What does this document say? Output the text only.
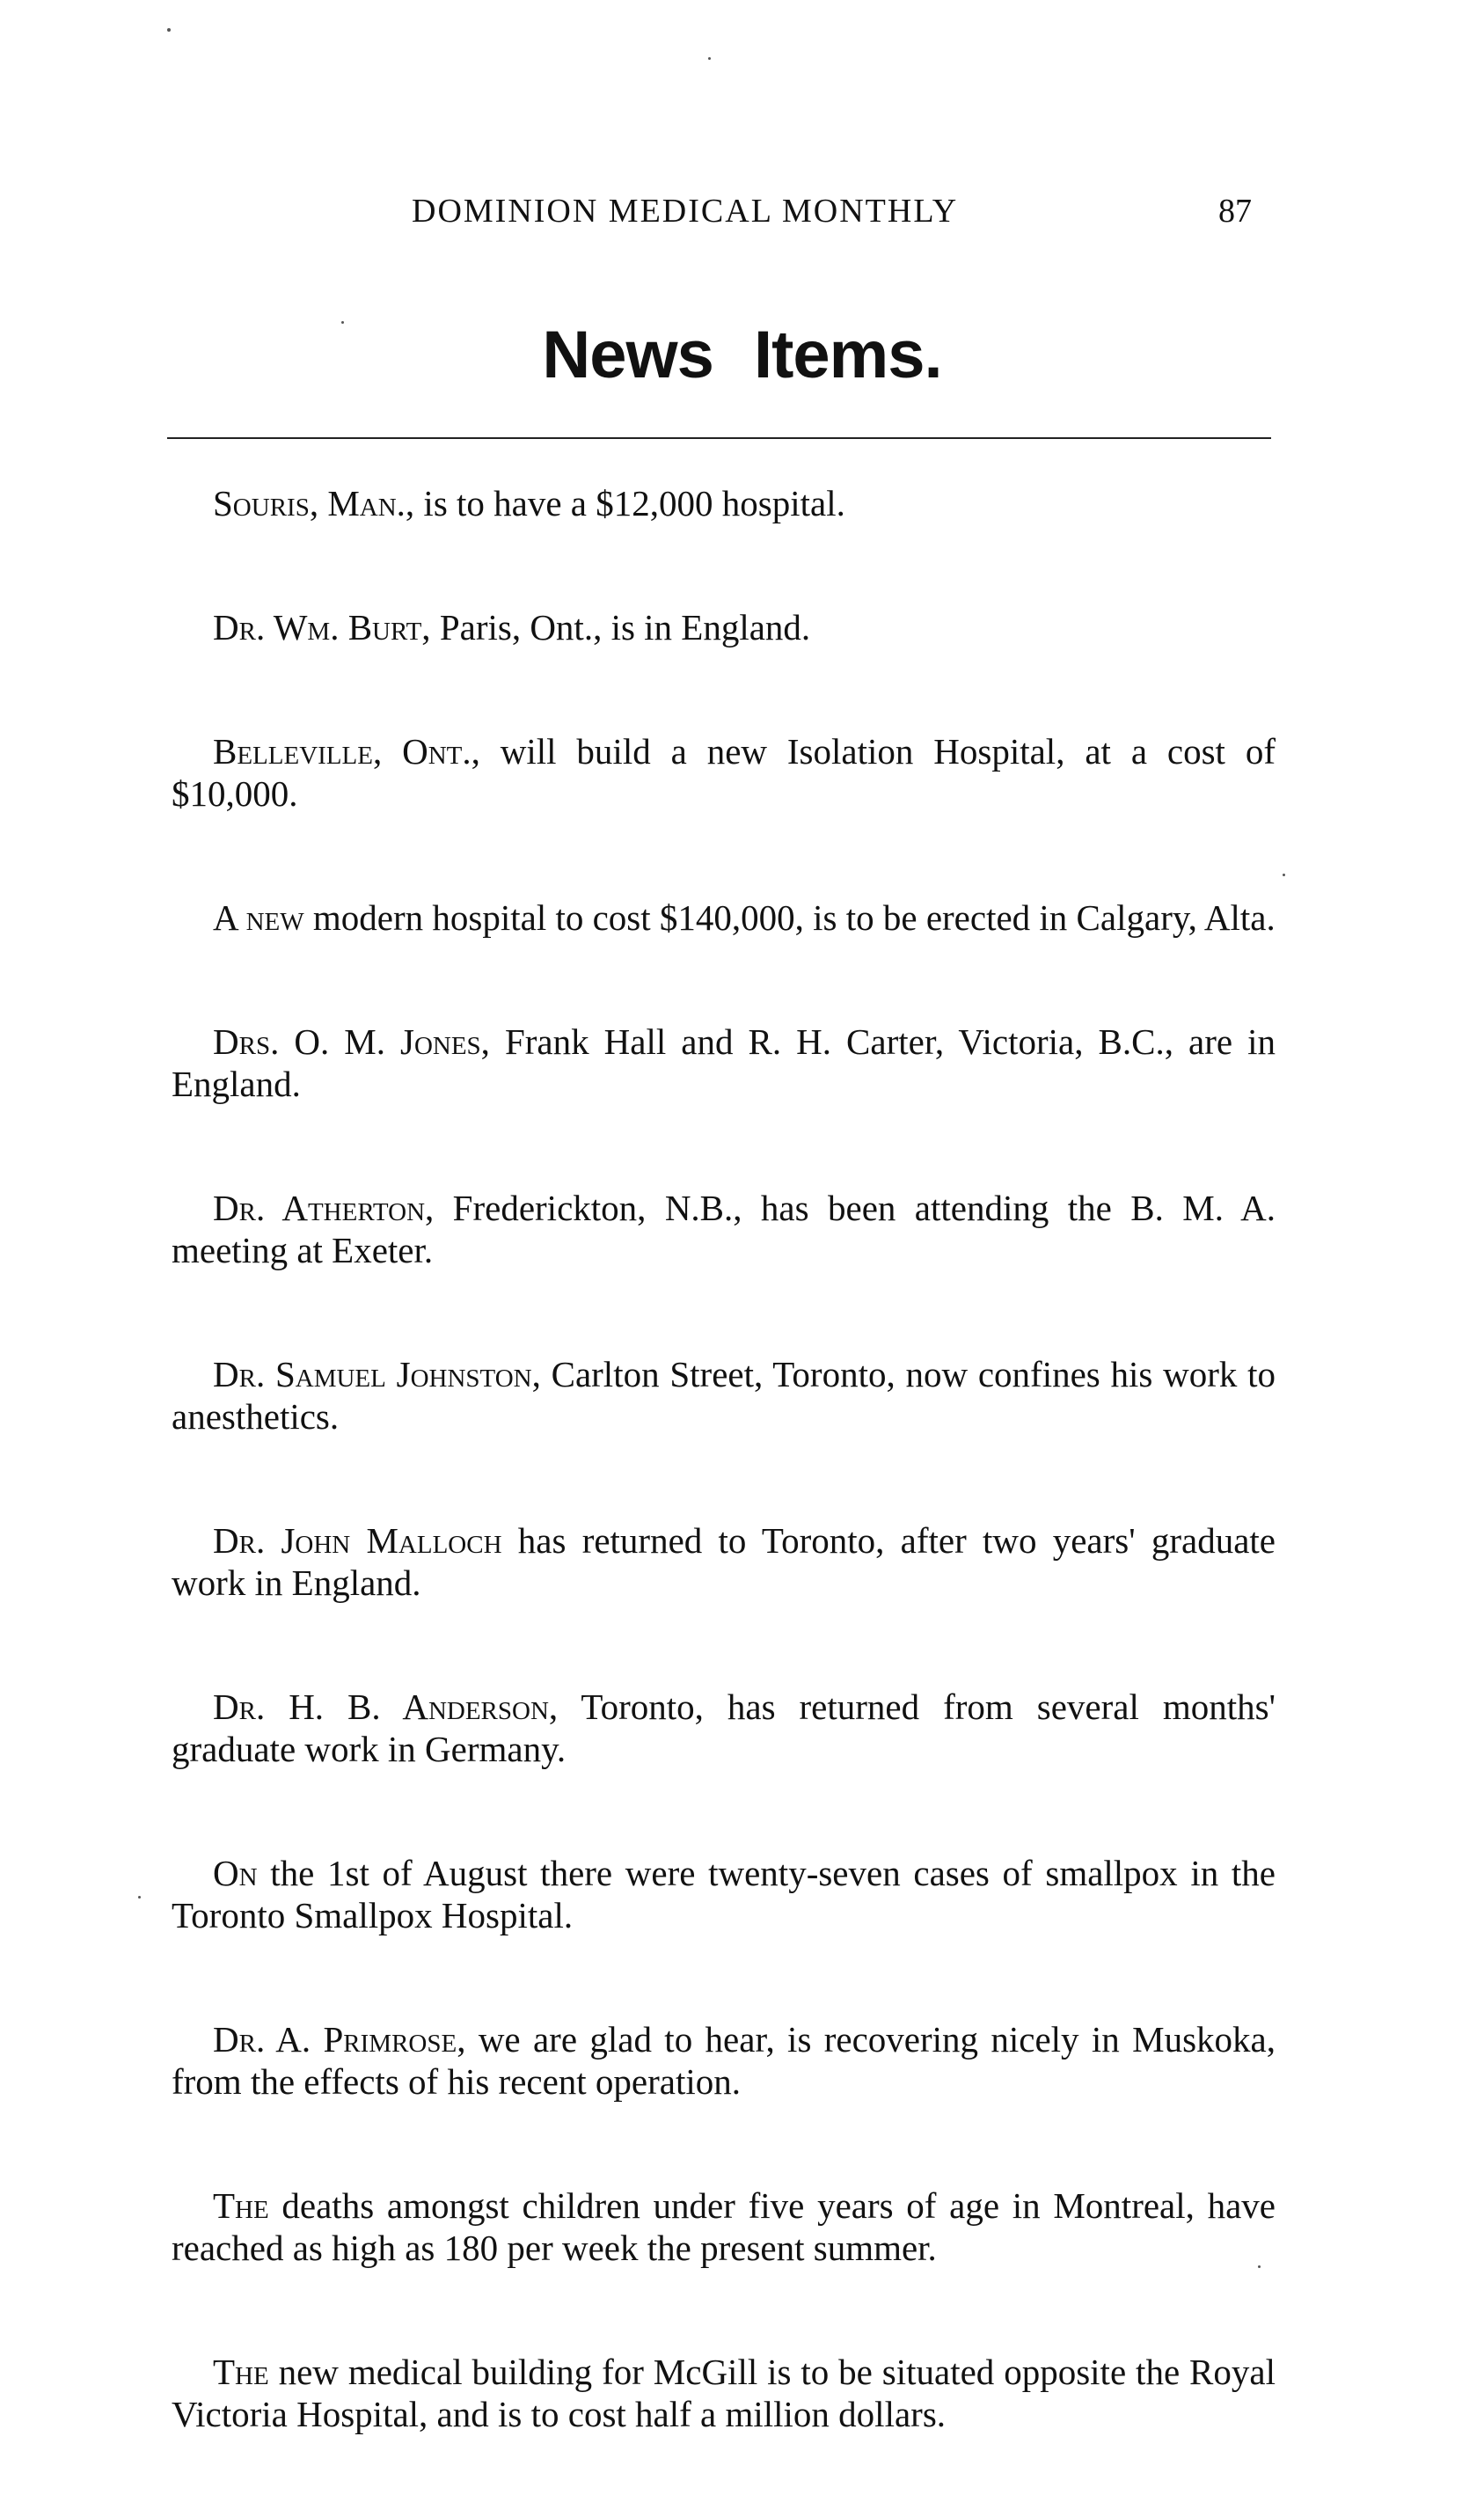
DOMINION MEDICAL MONTHLY	87
News Items.

Souris, Man., is to have a $12,000 hospital.

Dr. Wm. Burt, Paris, Ont., is in England.

Belleville, Ont., will build a new Isolation Hospital, at a cost of $10,000.

A new modern hospital to cost $140,000, is to be erected in Calgary, Alta.

Drs. O. M. Jones, Frank Hall and R. H. Carter, Victoria, B.C., are in England.

Dr. Atherton, Frederickton, N.B., has been attending the B. M. A. meeting at Exeter.

Dr. Samuel Johnston, Carlton Street, Toronto, now confines his work to anesthetics.

Dr. John Malloch has returned to Toronto, after two years' graduate work in England.

Dr. H. B. Anderson, Toronto, has returned from several months' graduate work in Germany.

On the 1st of August there were twenty-seven cases of smallpox in the Toronto Smallpox Hospital.

Dr. A. Primrose, we are glad to hear, is recovering nicely in Muskoka, from the effects of his recent operation.

The deaths amongst children under five years of age in Montreal, have reached as high as 180 per week the present summer.

The new medical building for McGill is to be situated opposite the Royal Victoria Hospital, and is to cost half a million dollars.
